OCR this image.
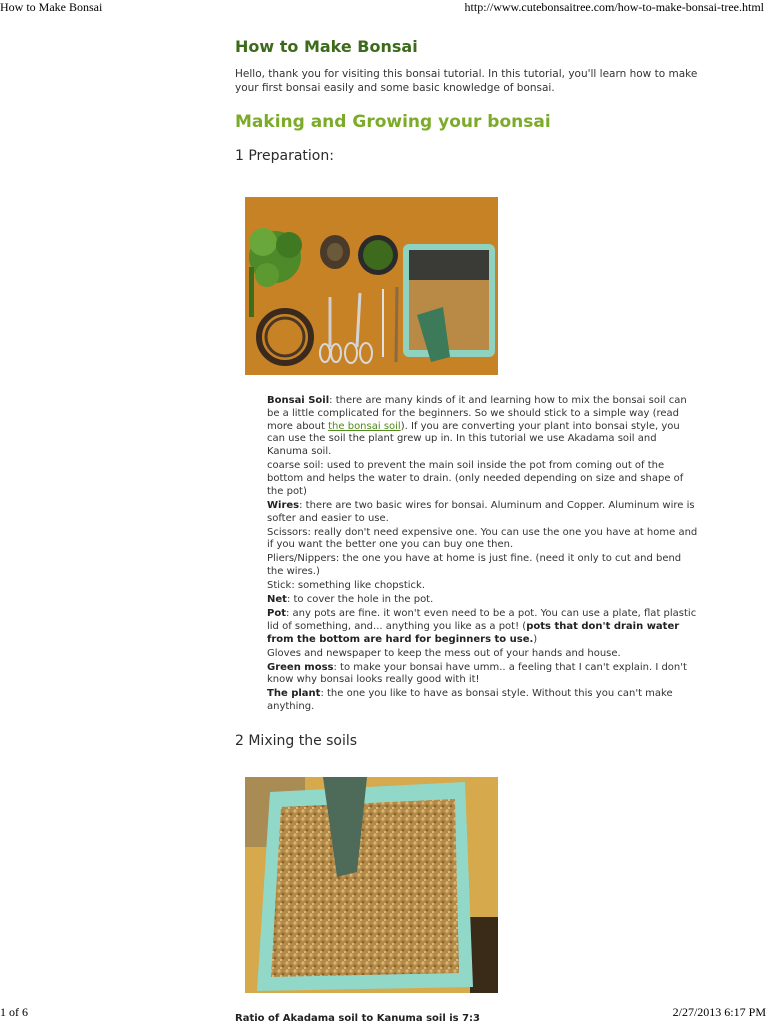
How to Make Bonsai	http://www.cutebonsaitree.com/how-to-make-bonsai-tree.html
How to Make Bonsai

Hello, thank you for visiting this bonsai tutorial. In this tutorial, you'll learn how to make your first bonsai easily and some basic knowledge of bonsai.

Making and Growing your bonsai
1 Preparation:

Bonsai Soil: there are many kinds of it and learning how to mix the bonsai soil can be a little complicated for the beginners. So we should stick to a simple way (read more about the bonsai soil). If you are converting your plant into bonsai style, you can use the soil the plant grew up in. In this tutorial we use Akadama soil and Kanuma soil.

coarse soil: used to prevent the main soil inside the pot from coming out of the bottom and helps the water to drain. (only needed depending on size and shape of the pot)

Wires: there are two basic wires for bonsai. Aluminum and Copper. Aluminum wire is softer and easier to use.

Scissors: really don't need expensive one. You can use the one you have at home and if you want the better one you can buy one then.

Pliers/Nippers: the one you have at home is just fine. (need it only to cut and bend the wires.)

Stick: something like chopstick.

Net: to cover the hole in the pot.

Pot: any pots are fine. it won't even need to be a pot. You can use a plate, flat plastic lid of something, and... anything you like as a pot! (pots that don't drain water from the bottom are hard for beginners to use.)

Gloves and newspaper to keep the mess out of your hands and house.

Green moss: to make your bonsai have umm.. a feeling that I can't explain. I don't know why bonsai looks really good with it!

The plant: the one you like to have as bonsai style. Without this you can't make anything.

2 Mixing the soils
1 of 6	2/27/2013 6:17 PM
Ratio of Akadama soil to Kanuma soil is 7:3
